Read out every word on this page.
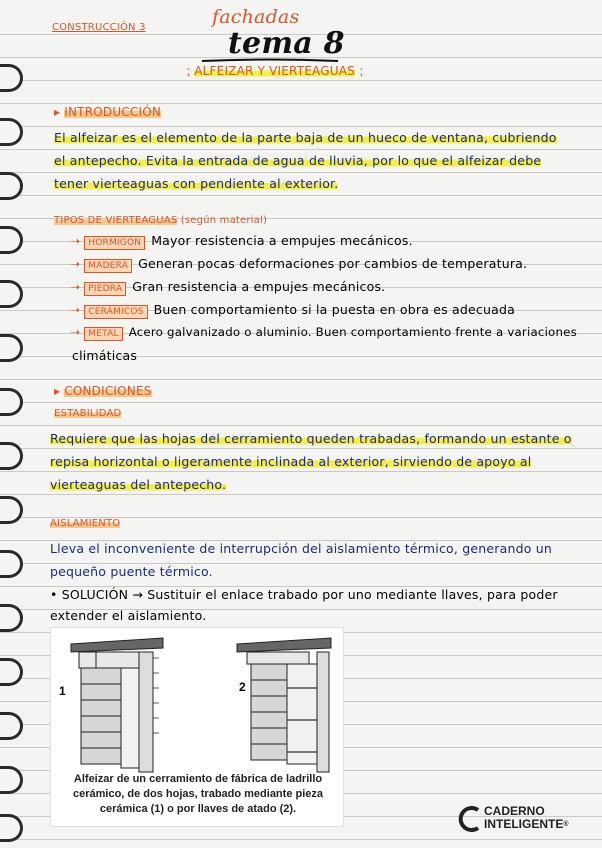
CONSTRUCCIÓN 3	fachadas
tema 8
⁏ ALFEIZAR Y VIERTEAGUAS ⁏
▸ INTRODUCCIÓN
El alfeizar es el elemento de la parte baja de un hueco de ventana, cubriendo
el antepecho. Evita la entrada de agua de lluvia, por lo que el alfeizar debe
tener vierteaguas con pendiente al exterior.
TIPOS DE VIERTEAGUAS (según material)
➝ HORMIGÓN Mayor resistencia a empujes mecánicos.
➝ MADERA Generan pocas deformaciones por cambios de temperatura.
➝ PIEDRA Gran resistencia a empujes mecánicos.
➝ CERÁMICOS Buen comportamiento si la puesta en obra es adecuada
➝ METAL Acero galvanizado o aluminio. Buen comportamiento frente a variaciones
climáticas
▸ CONDICIONES
ESTABILIDAD
Requiere que las hojas del cerramiento queden trabadas, formando un estante o
repisa horizontal o ligeramente inclinada al exterior, sirviendo de apoyo al
vierteaguas del antepecho.
AISLAMIENTO
Lleva el inconveniente de interrupción del aislamiento térmico, generando un
pequeño puente térmico.
• SOLUCIÓN → Sustituir el enlace trabado por uno mediante llaves, para poder
extender el aislamiento.
1	2
Alfeizar de un cerramiento de fábrica de ladrillo
cerámico, de dos hojas, trabado mediante pieza
cerámica (1) o por llaves de atado (2).	CADERNO
INTELIGENTE®
